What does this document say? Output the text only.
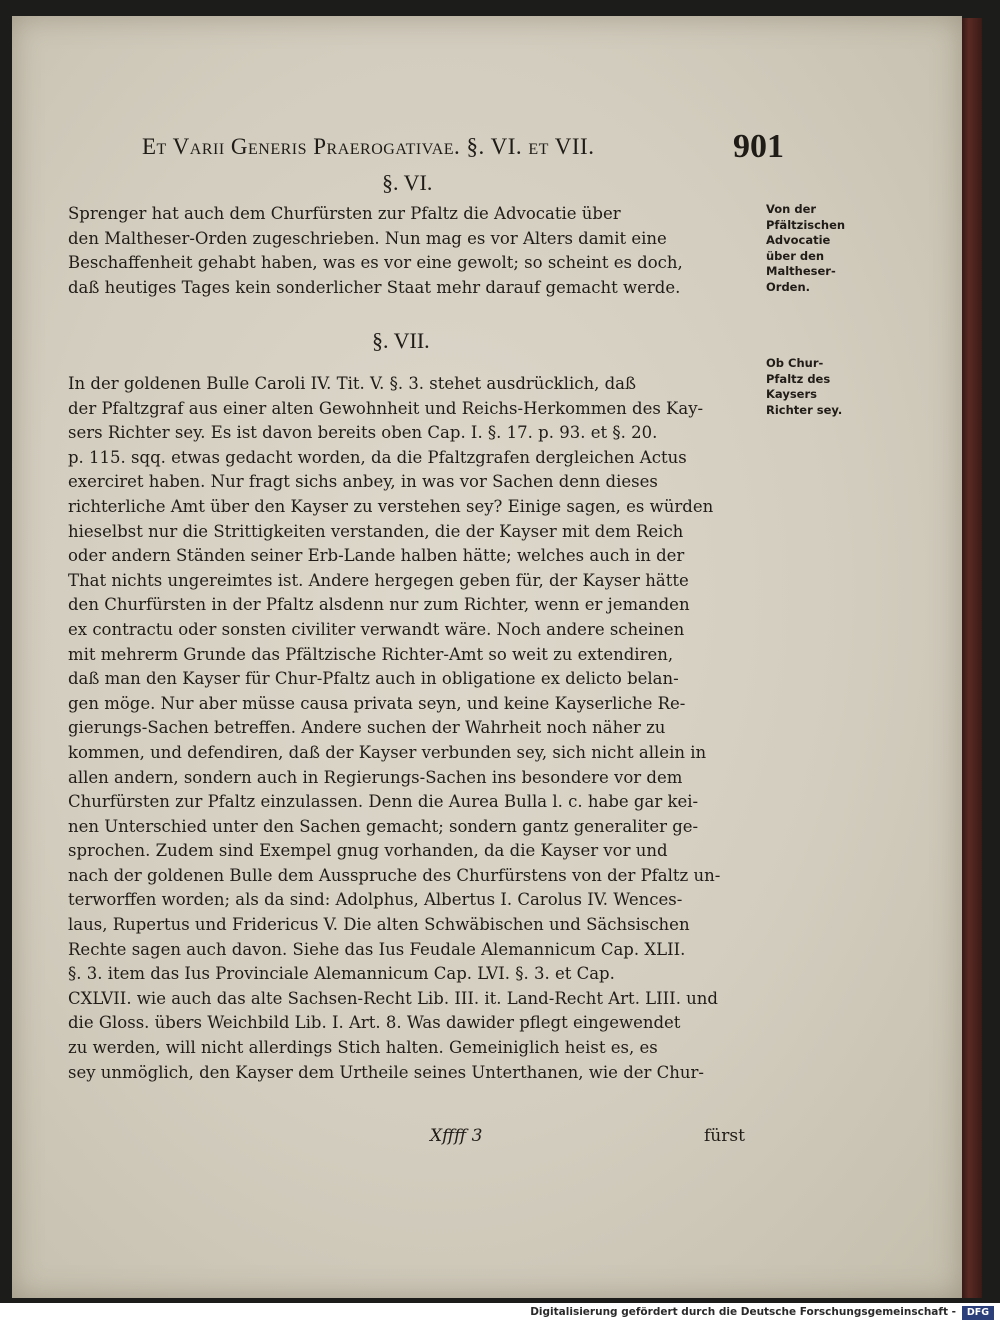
Et Varii Generis Praerogativae. §. VI. et VII.	901
§. VI.
Sprenger hat auch dem Churfürsten zur Pfaltz die Advocatie über
den Maltheser-Orden zugeschrieben. Nun mag es vor Alters damit eine
Beschaffenheit gehabt haben, was es vor eine gewolt; so scheint es doch,
daß heutiges Tages kein sonderlicher Staat mehr darauf gemacht werde.
Von der
Pfältzischen
Advocatie
über den
Maltheser-
Orden.
§. VII.
In der goldenen Bulle Caroli IV. Tit. V. §. 3. stehet ausdrücklich, daß
der Pfaltzgraf aus einer alten Gewohnheit und Reichs-Herkommen des Kay-
sers Richter sey. Es ist davon bereits oben Cap. I. §. 17. p. 93. et §. 20.
p. 115. sqq. etwas gedacht worden, da die Pfaltzgrafen dergleichen Actus
exerciret haben. Nur fragt sichs anbey, in was vor Sachen denn dieses
richterliche Amt über den Kayser zu verstehen sey? Einige sagen, es würden
hieselbst nur die Strittigkeiten verstanden, die der Kayser mit dem Reich
oder andern Ständen seiner Erb-Lande halben hätte; welches auch in der
That nichts ungereimtes ist. Andere hergegen geben für, der Kayser hätte
den Churfürsten in der Pfaltz alsdenn nur zum Richter, wenn er jemanden
ex contractu oder sonsten civiliter verwandt wäre. Noch andere scheinen
mit mehrerm Grunde das Pfältzische Richter-Amt so weit zu extendiren,
daß man den Kayser für Chur-Pfaltz auch in obligatione ex delicto belan-
gen möge. Nur aber müsse causa privata seyn, und keine Kayserliche Re-
gierungs-Sachen betreffen. Andere suchen der Wahrheit noch näher zu
kommen, und defendiren, daß der Kayser verbunden sey, sich nicht allein in
allen andern, sondern auch in Regierungs-Sachen ins besondere vor dem
Churfürsten zur Pfaltz einzulassen. Denn die Aurea Bulla l. c. habe gar kei-
nen Unterschied unter den Sachen gemacht; sondern gantz generaliter ge-
sprochen. Zudem sind Exempel gnug vorhanden, da die Kayser vor und
nach der goldenen Bulle dem Ausspruche des Churfürstens von der Pfaltz un-
terworffen worden; als da sind: Adolphus, Albertus I. Carolus IV. Wences-
laus, Rupertus und Fridericus V. Die alten Schwäbischen und Sächsischen
Rechte sagen auch davon. Siehe das Ius Feudale Alemannicum Cap. XLII.
§. 3. item das Ius Provinciale Alemannicum Cap. LVI. §. 3. et Cap.
CXLVII. wie auch das alte Sachsen-Recht Lib. III. it. Land-Recht Art. LIII. und
die Gloss. übers Weichbild Lib. I. Art. 8. Was dawider pflegt eingewendet
zu werden, will nicht allerdings Stich halten. Gemeiniglich heist es, es
sey unmöglich, den Kayser dem Urtheile seines Unterthanen, wie der Chur-
Ob Chur-
Pfaltz des
Kaysers
Richter sey.
Xffff 3	fürst
Digitalisierung gefördert durch die Deutsche Forschungsgemeinschaft -	DFG
